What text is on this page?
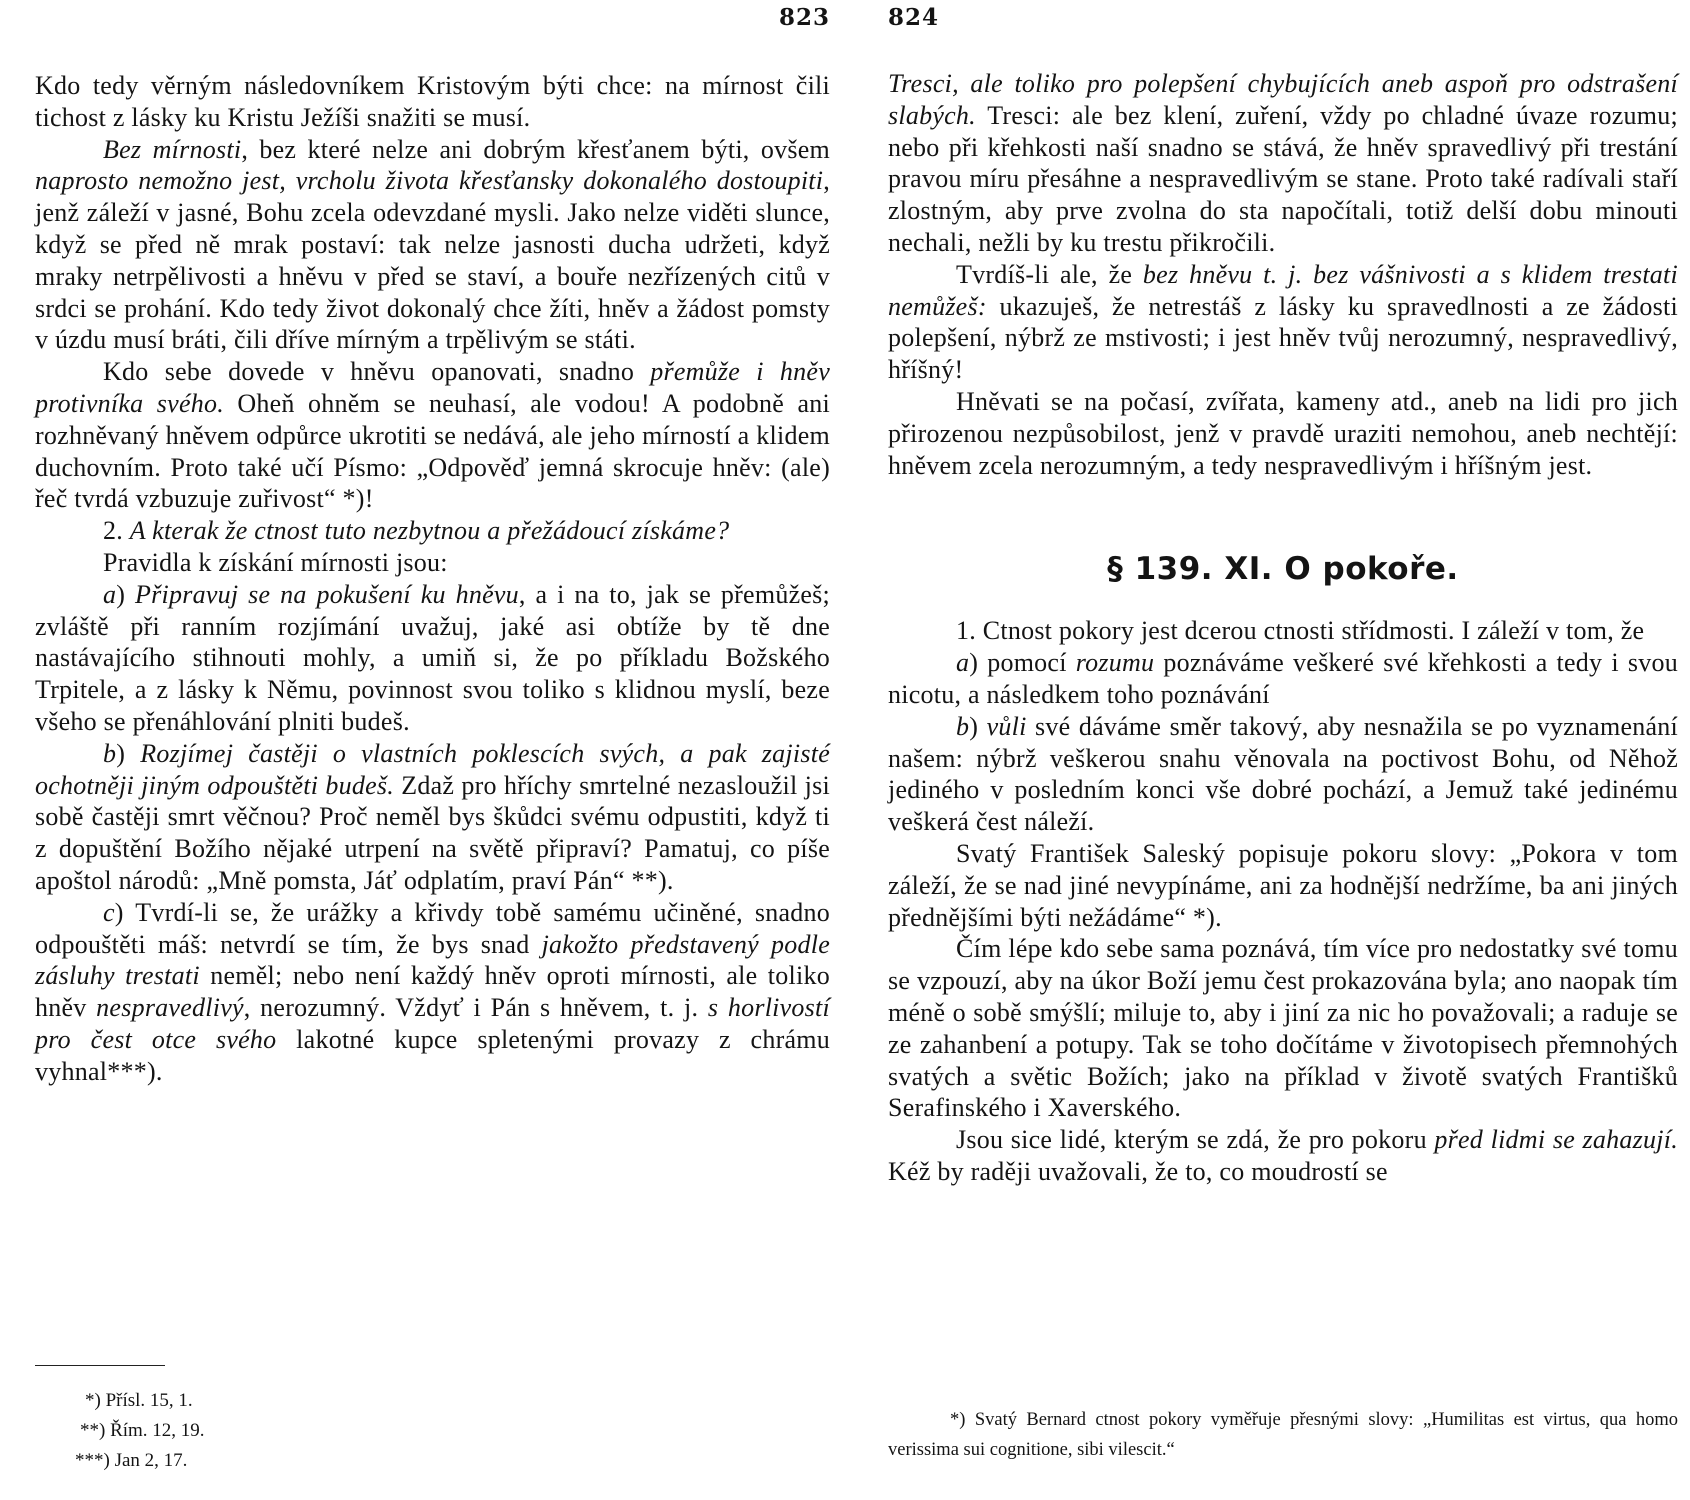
823

Kdo tedy věrným následovníkem Kristovým býti chce: na mírnost čili tichost z lásky ku Kristu Ježíši snažiti se musí.

Bez mírnosti, bez které nelze ani dobrým křesťanem býti, ovšem naprosto nemožno jest, vrcholu života křesťansky dokonalého dostoupiti, jenž záleží v jasné, Bohu zcela odevzdané mysli. Jako nelze viděti slunce, když se před ně mrak postaví: tak nelze jasnosti ducha udržeti, když mraky netrpělivosti a hněvu v před se staví, a bouře nezřízených citů v srdci se prohání. Kdo tedy život dokonalý chce žíti, hněv a žádost pomsty v úzdu musí bráti, čili dříve mírným a trpělivým se státi.

Kdo sebe dovede v hněvu opanovati, snadno přemůže i hněv protivníka svého. Oheň ohněm se neuhasí, ale vodou! A podobně ani rozhněvaný hněvem odpůrce ukrotiti se nedává, ale jeho mírností a klidem duchovním. Proto také učí Písmo: „Odpověď jemná skrocuje hněv: (ale) řeč tvrdá vzbuzuje zuřivost“ *)!

2. A kterak že ctnost tuto nezbytnou a přežádoucí získáme?

Pravidla k získání mírnosti jsou:

a) Připravuj se na pokušení ku hněvu, a i na to, jak se přemůžeš; zvláště při ranním rozjímání uvažuj, jaké asi obtíže by tě dne nastávajícího stihnouti mohly, a umiň si, že po příkladu Božského Trpitele, a z lásky k Němu, povinnost svou toliko s klidnou myslí, beze všeho se přenáhlování plniti budeš.

b) Rozjímej častěji o vlastních poklescích svých, a pak zajisté ochotněji jiným odpouštěti budeš. Zdaž pro hříchy smrtelné nezasloužil jsi sobě častěji smrt věčnou? Proč neměl bys škůdci svému odpustiti, když ti z dopuštění Božího nějaké utrpení na světě připraví? Pamatuj, co píše apoštol národů: „Mně pomsta, Jáť odplatím, praví Pán“ **).

c) Tvrdí-li se, že urážky a křivdy tobě samému učiněné, snadno odpouštěti máš: netvrdí se tím, že bys snad jakožto představený podle zásluhy trestati neměl; nebo není každý hněv oproti mírnosti, ale toliko hněv nespravedlivý, nerozumný. Vždyť i Pán s hněvem, t. j. s horlivostí pro čest otce svého lakotné kupce spletenými provazy z chrámu vyhnal***).

*) Přísl. 15, 1.
**) Řím. 12, 19.
***) Jan 2, 17.
824

Tresci, ale toliko pro polepšení chybujících aneb aspoň pro odstrašení slabých. Tresci: ale bez klení, zuření, vždy po chladné úvaze rozumu; nebo při křehkosti naší snadno se stává, že hněv spravedlivý při trestání pravou míru přesáhne a nespravedlivým se stane. Proto také radívali staří zlostným, aby prve zvolna do sta napočítali, totiž delší dobu minouti nechali, nežli by ku trestu přikročili.

Tvrdíš-li ale, že bez hněvu t. j. bez vášnivosti a s klidem trestati nemůžeš: ukazuješ, že netrestáš z lásky ku spravedlnosti a ze žádosti polepšení, nýbrž ze mstivosti; i jest hněv tvůj nerozumný, nespravedlivý, hříšný!

Hněvati se na počasí, zvířata, kameny atd., aneb na lidi pro jich přirozenou nezpůsobilost, jenž v pravdě uraziti nemohou, aneb nechtějí: hněvem zcela nerozumným, a tedy nespravedlivým i hříšným jest.

§ 139. XI. O pokoře.

1. Ctnost pokory jest dcerou ctnosti střídmosti. I záleží v tom, že

a) pomocí rozumu poznáváme veškeré své křehkosti a tedy i svou nicotu, a následkem toho poznávání

b) vůli své dáváme směr takový, aby nesnažila se po vyznamenání našem: nýbrž veškerou snahu věnovala na poctivost Bohu, od Něhož jediného v posledním konci vše dobré pochází, a Jemuž také jedinému veškerá čest náleží.

Svatý František Saleský popisuje pokoru slovy: „Pokora v tom záleží, že se nad jiné nevypínáme, ani za hodnější nedržíme, ba ani jiných přednějšími býti nežádáme“ *).

Čím lépe kdo sebe sama poznává, tím více pro nedostatky své tomu se vzpouzí, aby na úkor Boží jemu čest prokazována byla; ano naopak tím méně o sobě smýšlí; miluje to, aby i jiní za nic ho považovali; a raduje se ze zahanbení a potupy. Tak se toho dočítáme v životopisech přemnohých svatých a světic Božích; jako na příklad v životě svatých Františků Serafinského i Xaverského.

Jsou sice lidé, kterým se zdá, že pro pokoru před lidmi se zahazují. Kéž by raději uvažovali, že to, co moudrostí se

*) Svatý Bernard ctnost pokory vyměřuje přesnými slovy: „Humilitas est virtus, qua homo verissima sui cognitione, sibi vilescit.“
